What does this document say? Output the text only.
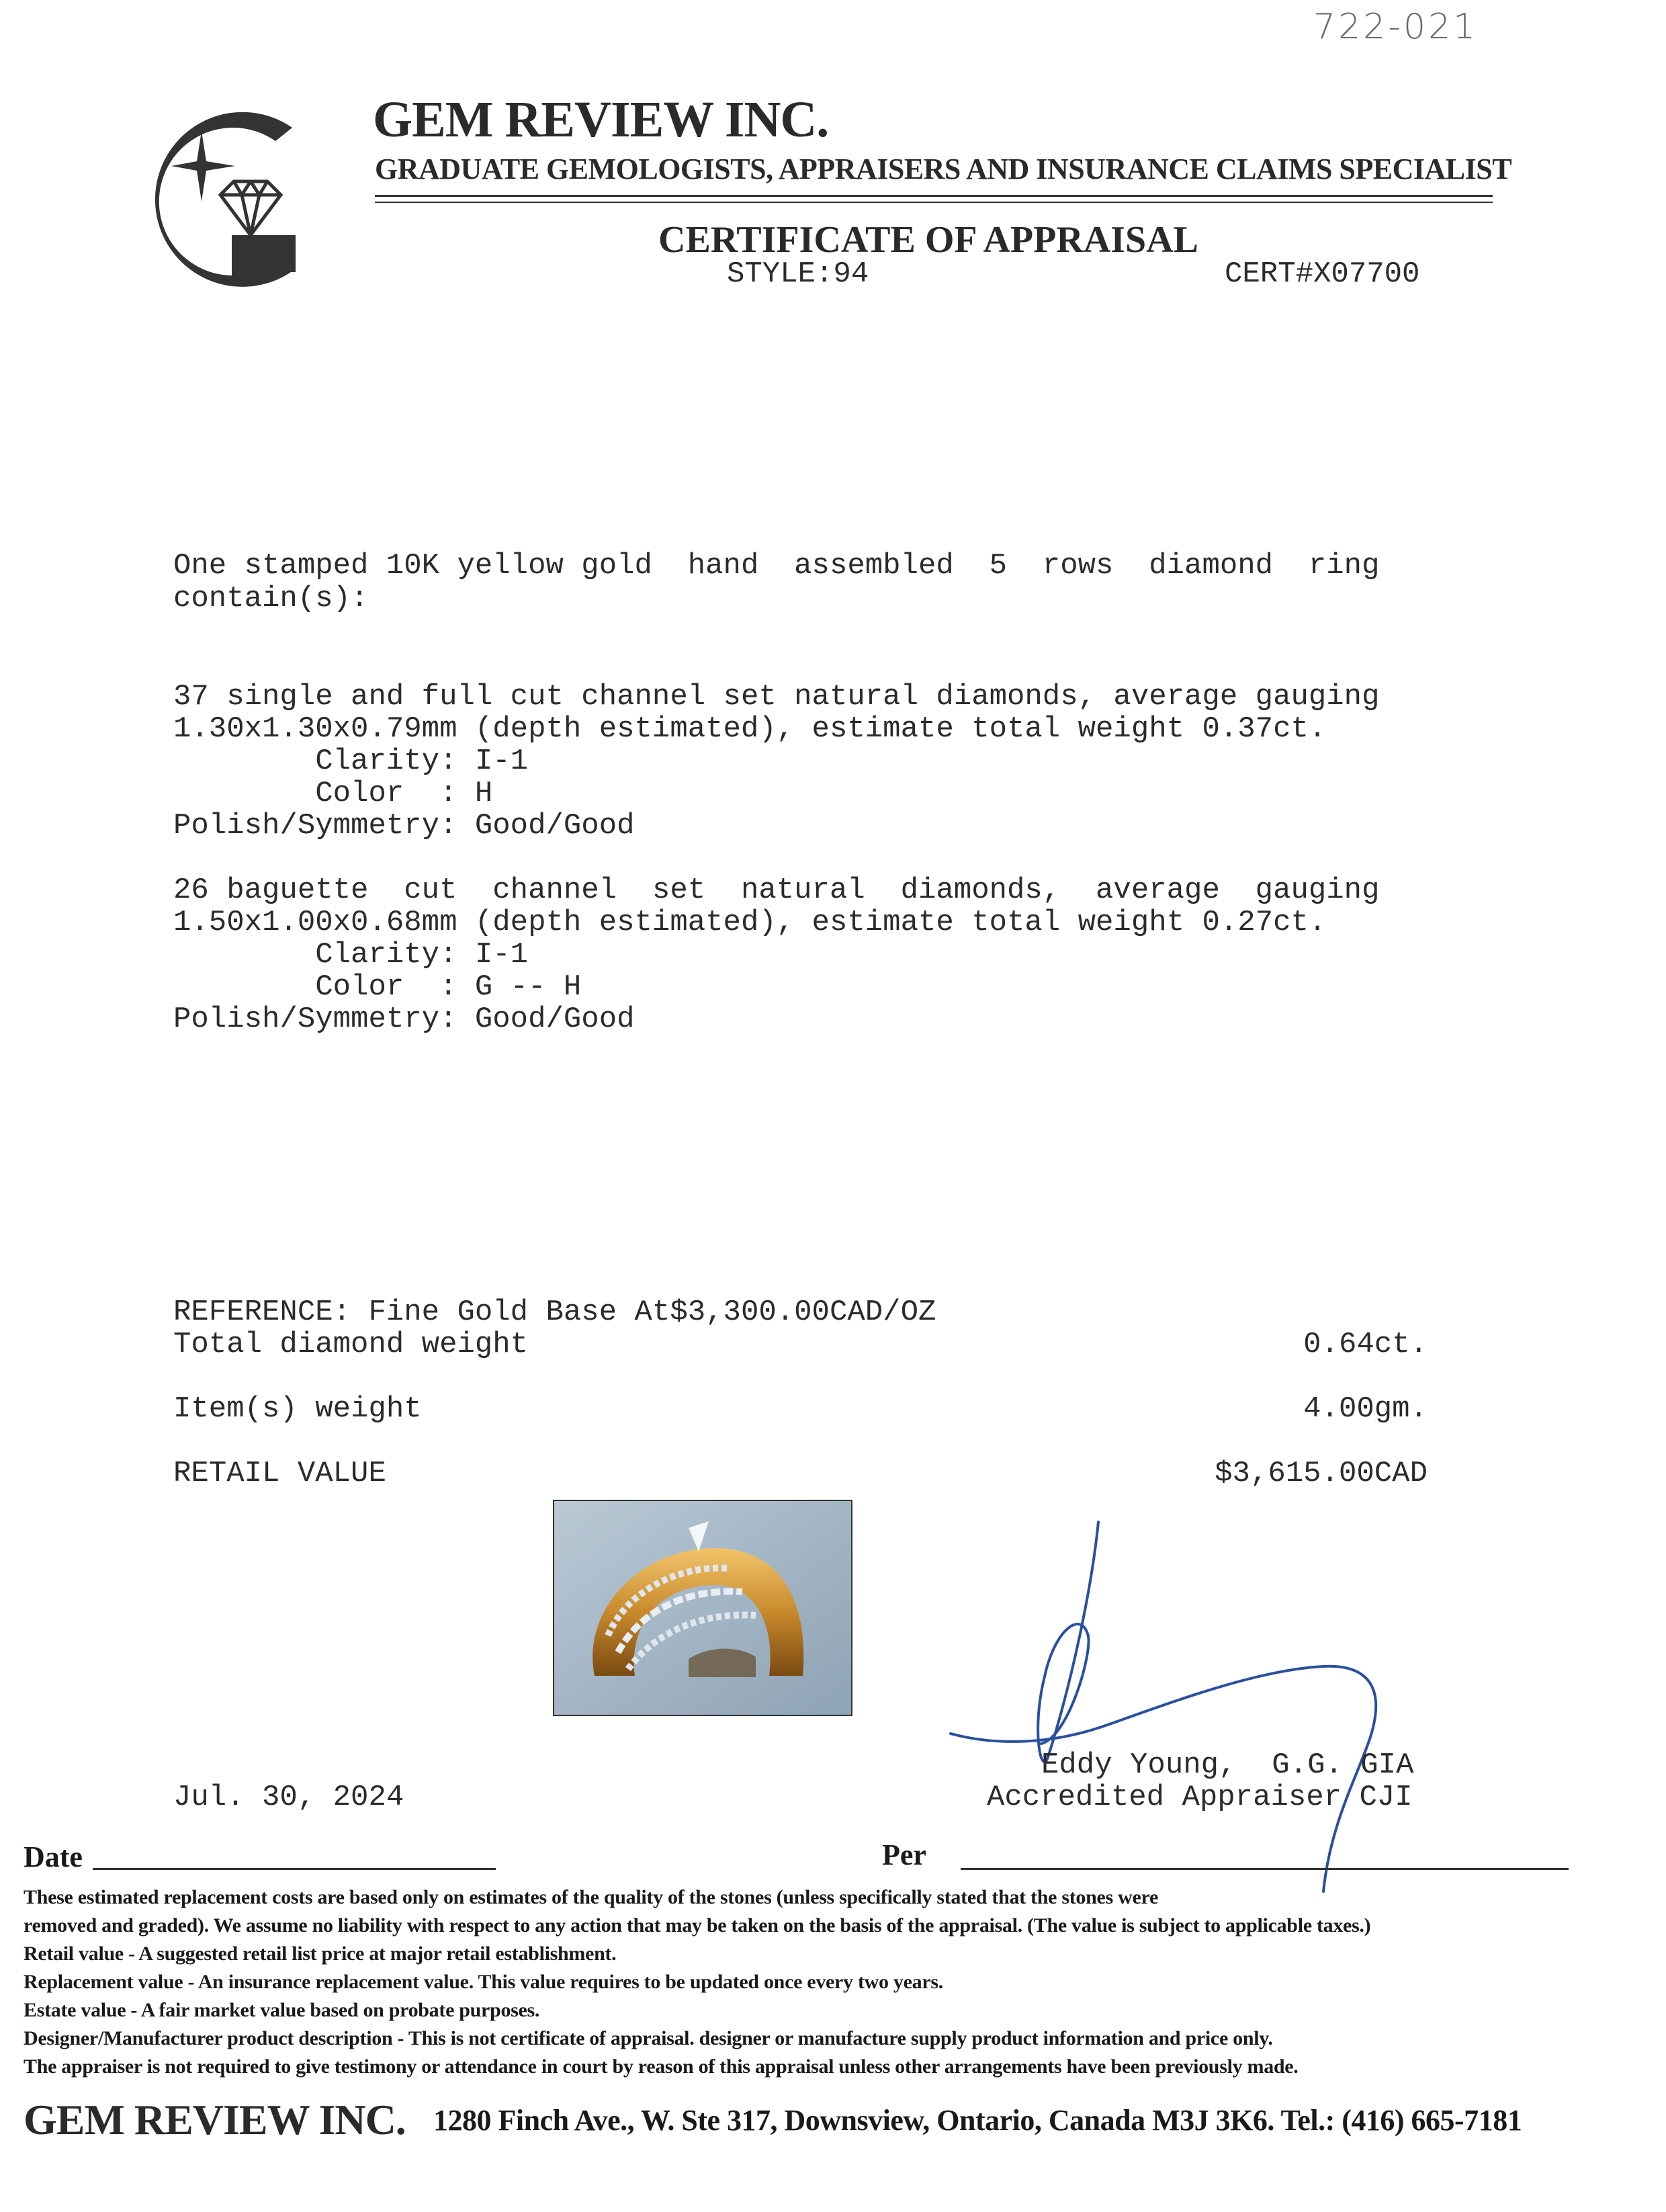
722-021
GEM REVIEW INC.
GRADUATE GEMOLOGISTS, APPRAISERS AND INSURANCE CLAIMS SPECIALIST
CERTIFICATE OF APPRAISAL
STYLE:94	CERT#X07700
One stamped 10K yellow gold  hand  assembled  5  rows  diamond  ring
contain(s):
37 single and full cut channel set natural diamonds, average gauging
1.30x1.30x0.79mm (depth estimated), estimate total weight 0.37ct.
Clarity: I-1
Color  : H
Polish/Symmetry: Good/Good
26 baguette  cut  channel  set  natural  diamonds,  average  gauging
1.50x1.00x0.68mm (depth estimated), estimate total weight 0.27ct.
Clarity: I-1
Color  : G -- H
Polish/Symmetry: Good/Good
REFERENCE: Fine Gold Base At$3,300.00CAD/OZ
Total diamond weight	0.64ct.
Item(s) weight	4.00gm.
RETAIL VALUE	$3,615.00CAD
Eddy Young,  G.G. GIA
Accredited Appraiser CJI
Jul. 30, 2024
Date	Per
These estimated replacement costs are based only on estimates of the quality of the stones (unless specifically stated that the stones were
removed and graded). We assume no liability with respect to any action that may be taken on the basis of the appraisal. (The value is subject to applicable taxes.)
Retail value - A suggested retail list price at major retail establishment.
Replacement value - An insurance replacement value. This value requires to be updated once every two years.
Estate value - A fair market value based on probate purposes.
Designer/Manufacturer product description - This is not certificate of appraisal. designer or manufacture supply product information and price only.
The appraiser is not required to give testimony or attendance in court by reason of this appraisal unless other arrangements have been previously made.
GEM REVIEW INC. 1280 Finch Ave., W. Ste 317, Downsview, Ontario, Canada M3J 3K6. Tel.: (416) 665-7181
